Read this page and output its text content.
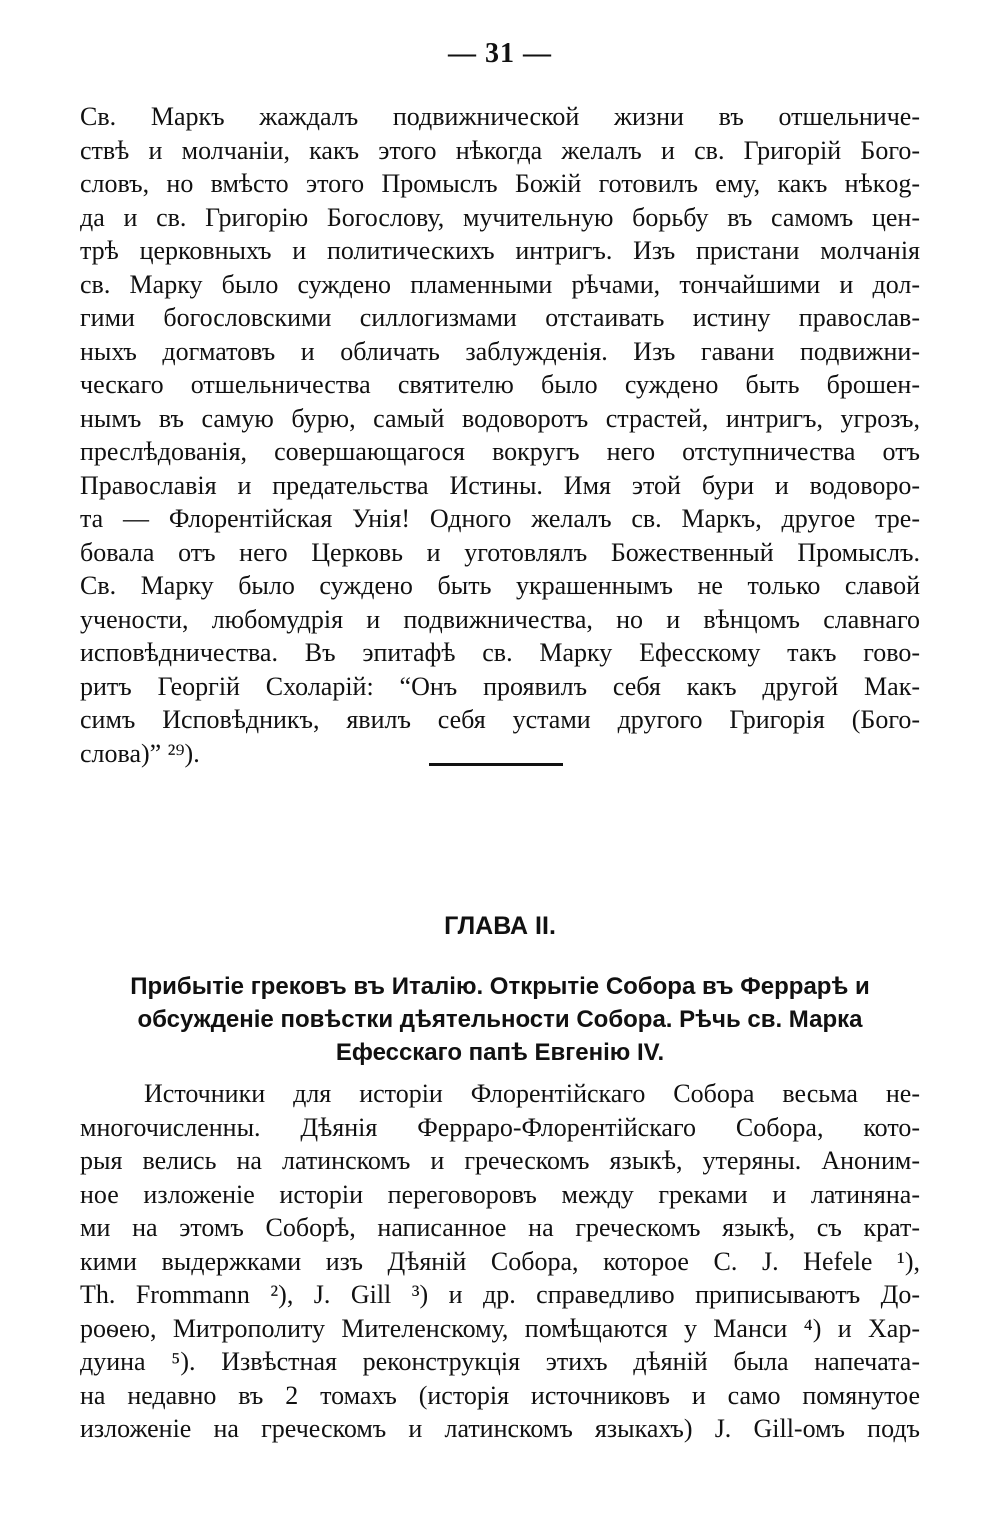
— 31 —
Св. Маркъ жаждалъ подвижнической жизни въ отшельниче-
ствѣ и молчаніи, какъ этого нѣкогда желалъ и св. Григорій Бого-
словъ, но вмѣсто этого Промыслъ Божій готовилъ ему, какъ нѣкog-
да и св. Григорію Богослову, мучительную борьбу въ самомъ цен-
трѣ церковныхъ и политическихъ интригъ. Изъ пристани молчанія
св. Марку было суждено пламенными рѣчами, тончайшими и дол-
гими богословскими силлогизмами отстаивать истину православ-
ныхъ догматовъ и обличать заблужденія. Изъ гавани подвижни-
ческаго отшельничества святителю было суждено быть брошен-
нымъ въ самую бурю, самый водоворотъ страстей, интригъ, угрозъ,
преслѣдованія, совершающагося вокругъ него отступничества отъ
Православія и предательства Истины. Имя этой бури и водоворо-
та — Флорентійская Унія! Одного желалъ св. Маркъ, другое тре-
бовала отъ него Церковь и уготовлялъ Божественный Промыслъ.
Св. Марку было суждено быть украшеннымъ не только славой
учености, любомудрія и подвижничества, но и вѣнцомъ славнаго
исповѣдничества. Въ эпитафѣ св. Марку Ефесскому такъ гово-
ритъ Георгій Схоларій: “Онъ проявилъ себя какъ другой Мак-
симъ Исповѣдникъ, явилъ себя устами другого Григорія (Бого-
слова)” ²⁹).
ГЛАВА II.
Прибытіе грековъ въ Италію. Открытіе Собора въ Феррарѣ и
обсужденіе повѣстки дѣятельности Собора. Рѣчь св. Марка
Ефесскаго папѣ Евгенію IV.
Источники для исторіи Флорентійскаго Собора весьма не-
многочисленны. Дѣянія Ферраро-Флорентійскаго Собора, кото-
рыя велись на латинскомъ и греческомъ языкѣ, утеряны. Аноним-
ное изложеніе исторіи переговоровъ между греками и латинянa-
ми на этомъ Соборѣ, написанное на греческомъ языкѣ, съ крат-
кими выдержками изъ Дѣяній Собора, которое C. J. Hefele ¹),
Th. Frommann ²), J. Gill ³) и др. справедливо приписываютъ До-
роѳею, Митрополиту Мителенскому, помѣщаются у Манси ⁴) и Хар-
дуина ⁵). Извѣстная реконструкція этихъ дѣяній была напечата-
на недавно въ 2 томахъ (исторія источниковъ и само помянутое
изложеніе на греческомъ и латинскомъ языкахъ) J. Gill-омъ подъ
